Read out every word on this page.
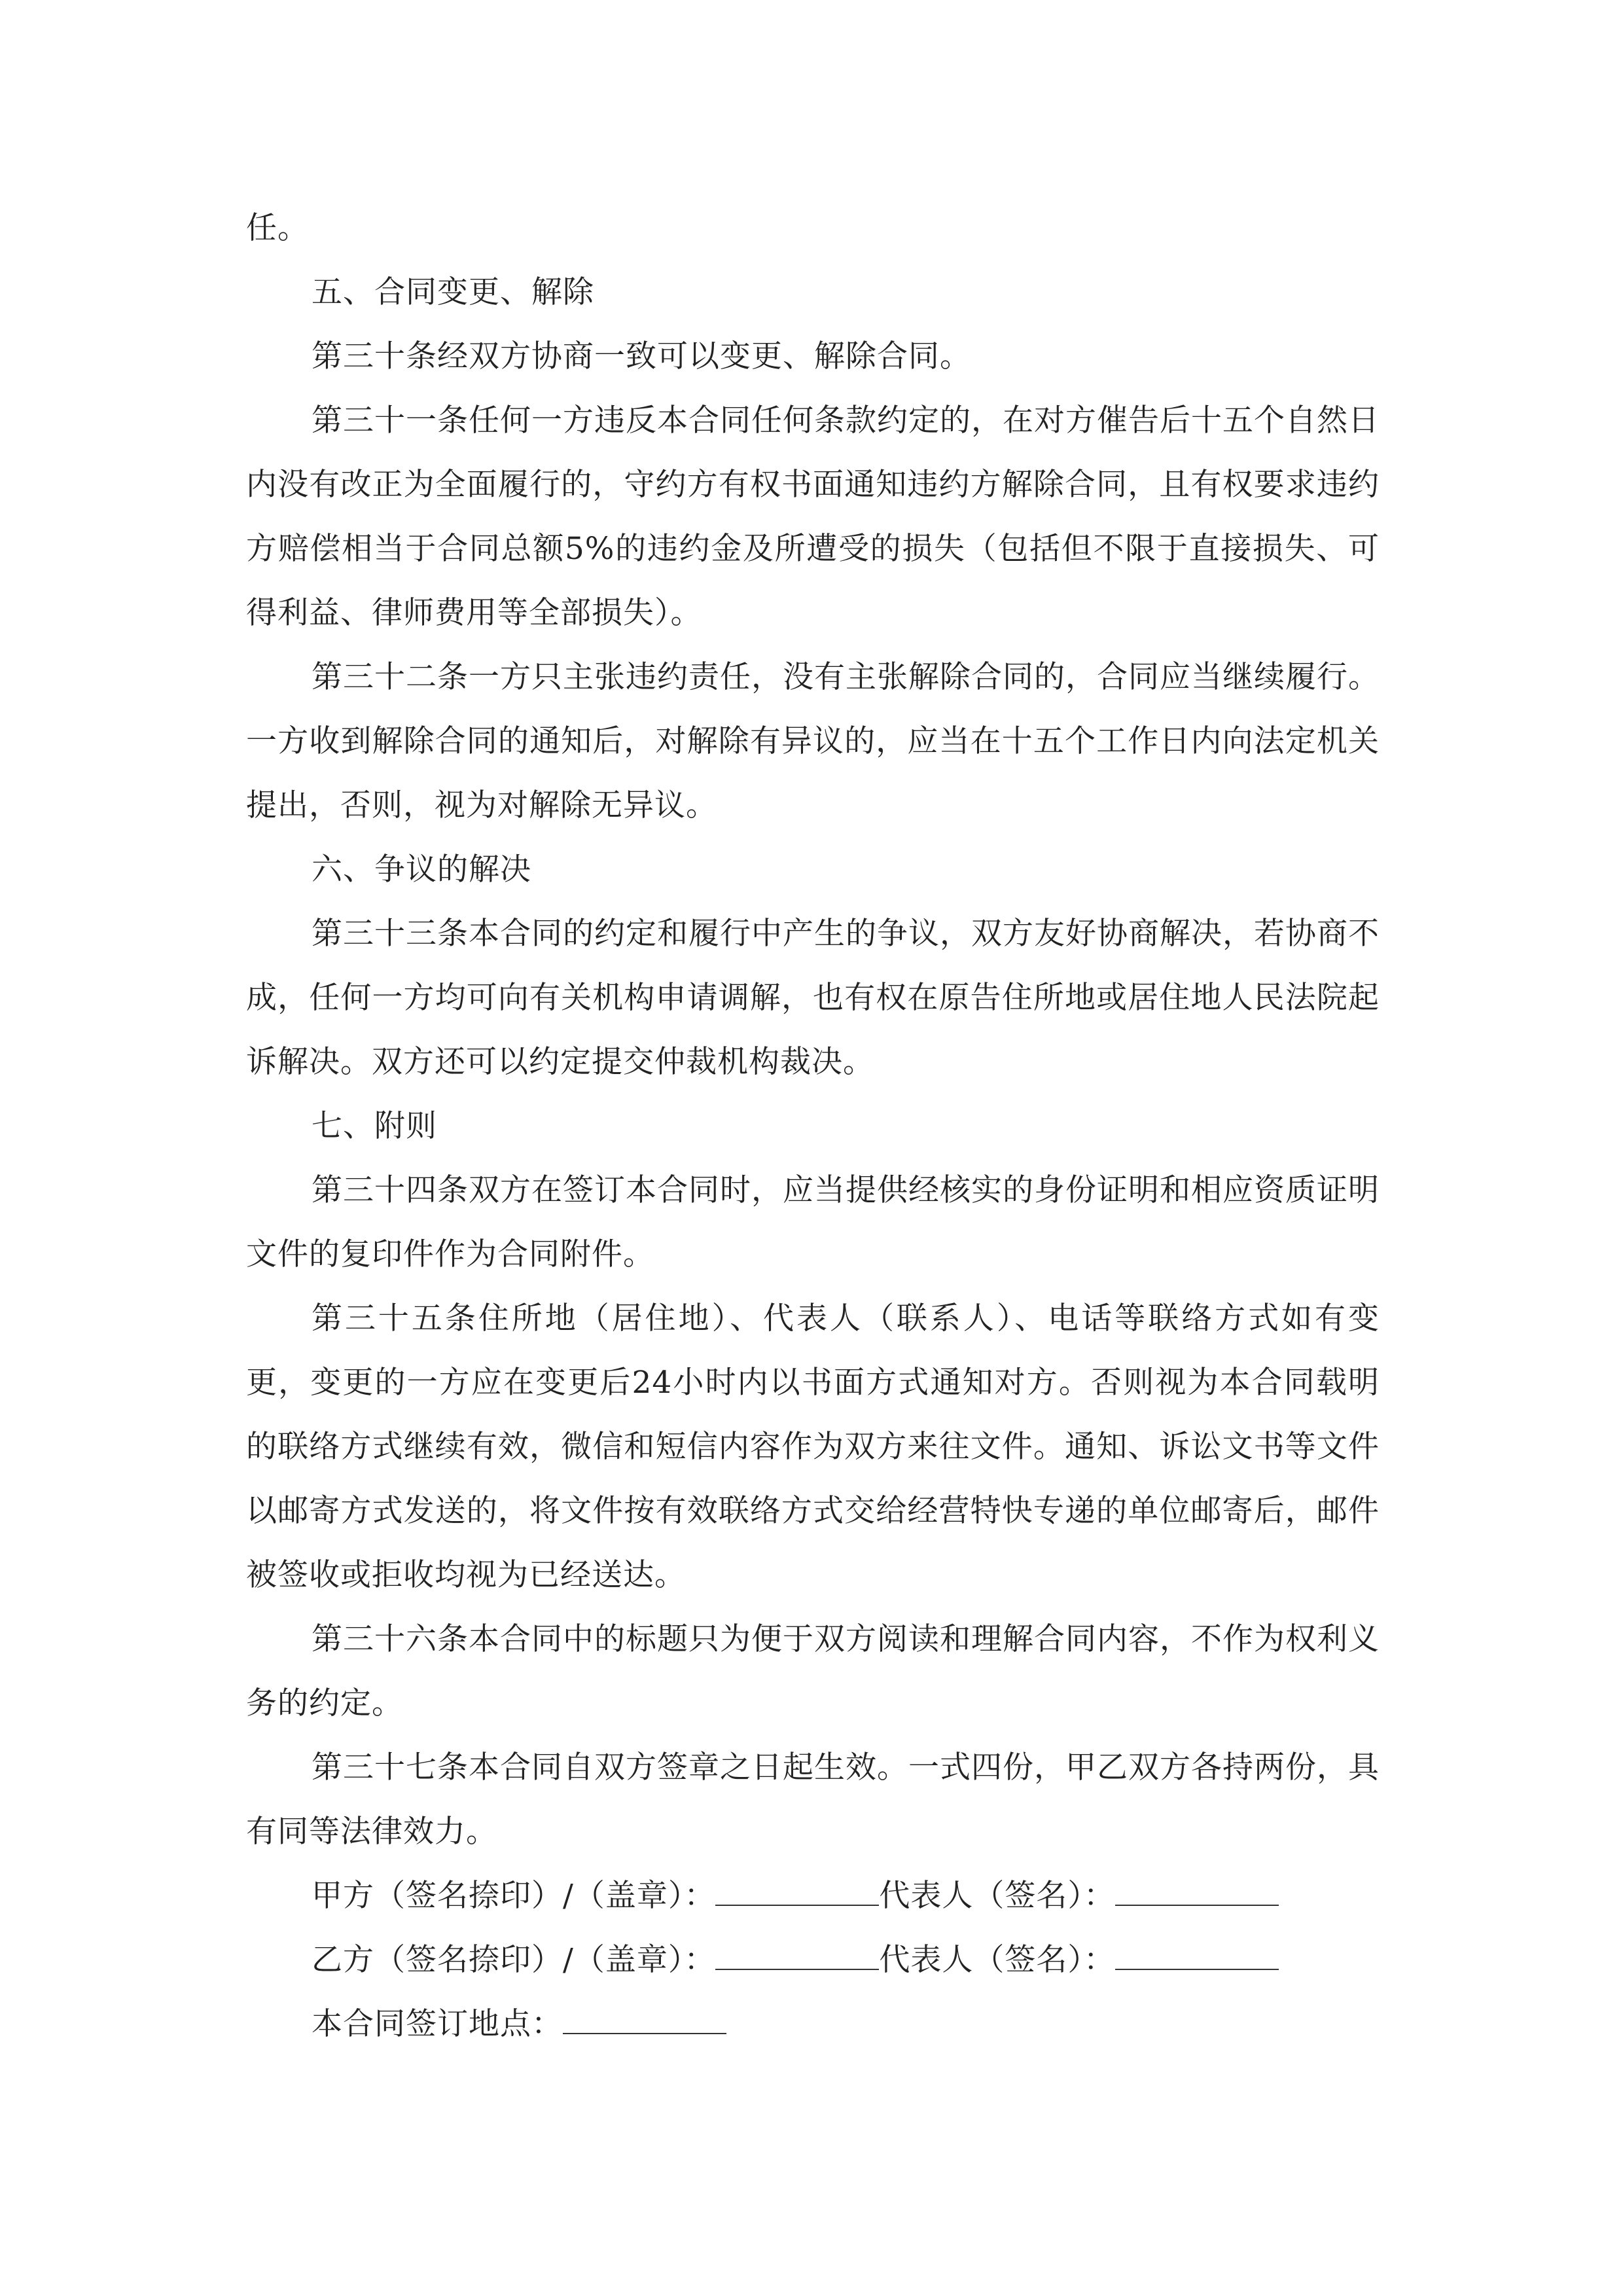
任。

五、合同变更、解除

第三十条经双方协商一致可以变更、解除合同。

第三十一条任何一方违反本合同任何条款约定的，在对方催告后十五个自然日内没有改正为全面履行的，守约方有权书面通知违约方解除合同，且有权要求违约方赔偿相当于合同总额5%的违约金及所遭受的损失（包括但不限于直接损失、可得利益、律师费用等全部损失）。

第三十二条一方只主张违约责任，没有主张解除合同的，合同应当继续履行。一方收到解除合同的通知后，对解除有异议的，应当在十五个工作日内向法定机关提出，否则，视为对解除无异议。

六、争议的解决

第三十三条本合同的约定和履行中产生的争议，双方友好协商解决，若协商不成，任何一方均可向有关机构申请调解，也有权在原告住所地或居住地人民法院起诉解决。双方还可以约定提交仲裁机构裁决。

七、附则

第三十四条双方在签订本合同时，应当提供经核实的身份证明和相应资质证明文件的复印件作为合同附件。

第三十五条住所地（居住地）、代表人（联系人）、电话等联络方式如有变更，变更的一方应在变更后24小时内以书面方式通知对方。否则视为本合同载明的联络方式继续有效，微信和短信内容作为双方来往文件。通知、诉讼文书等文件以邮寄方式发送的，将文件按有效联络方式交给经营特快专递的单位邮寄后，邮件被签收或拒收均视为已经送达。

第三十六条本合同中的标题只为便于双方阅读和理解合同内容，不作为权利义务的约定。

第三十七条本合同自双方签章之日起生效。一式四份，甲乙双方各持两份，具有同等法律效力。

甲方（签名捺印）/（盖章）：	代表人（签名）：
乙方（签名捺印）/（盖章）：	代表人（签名）：
本合同签订地点：
